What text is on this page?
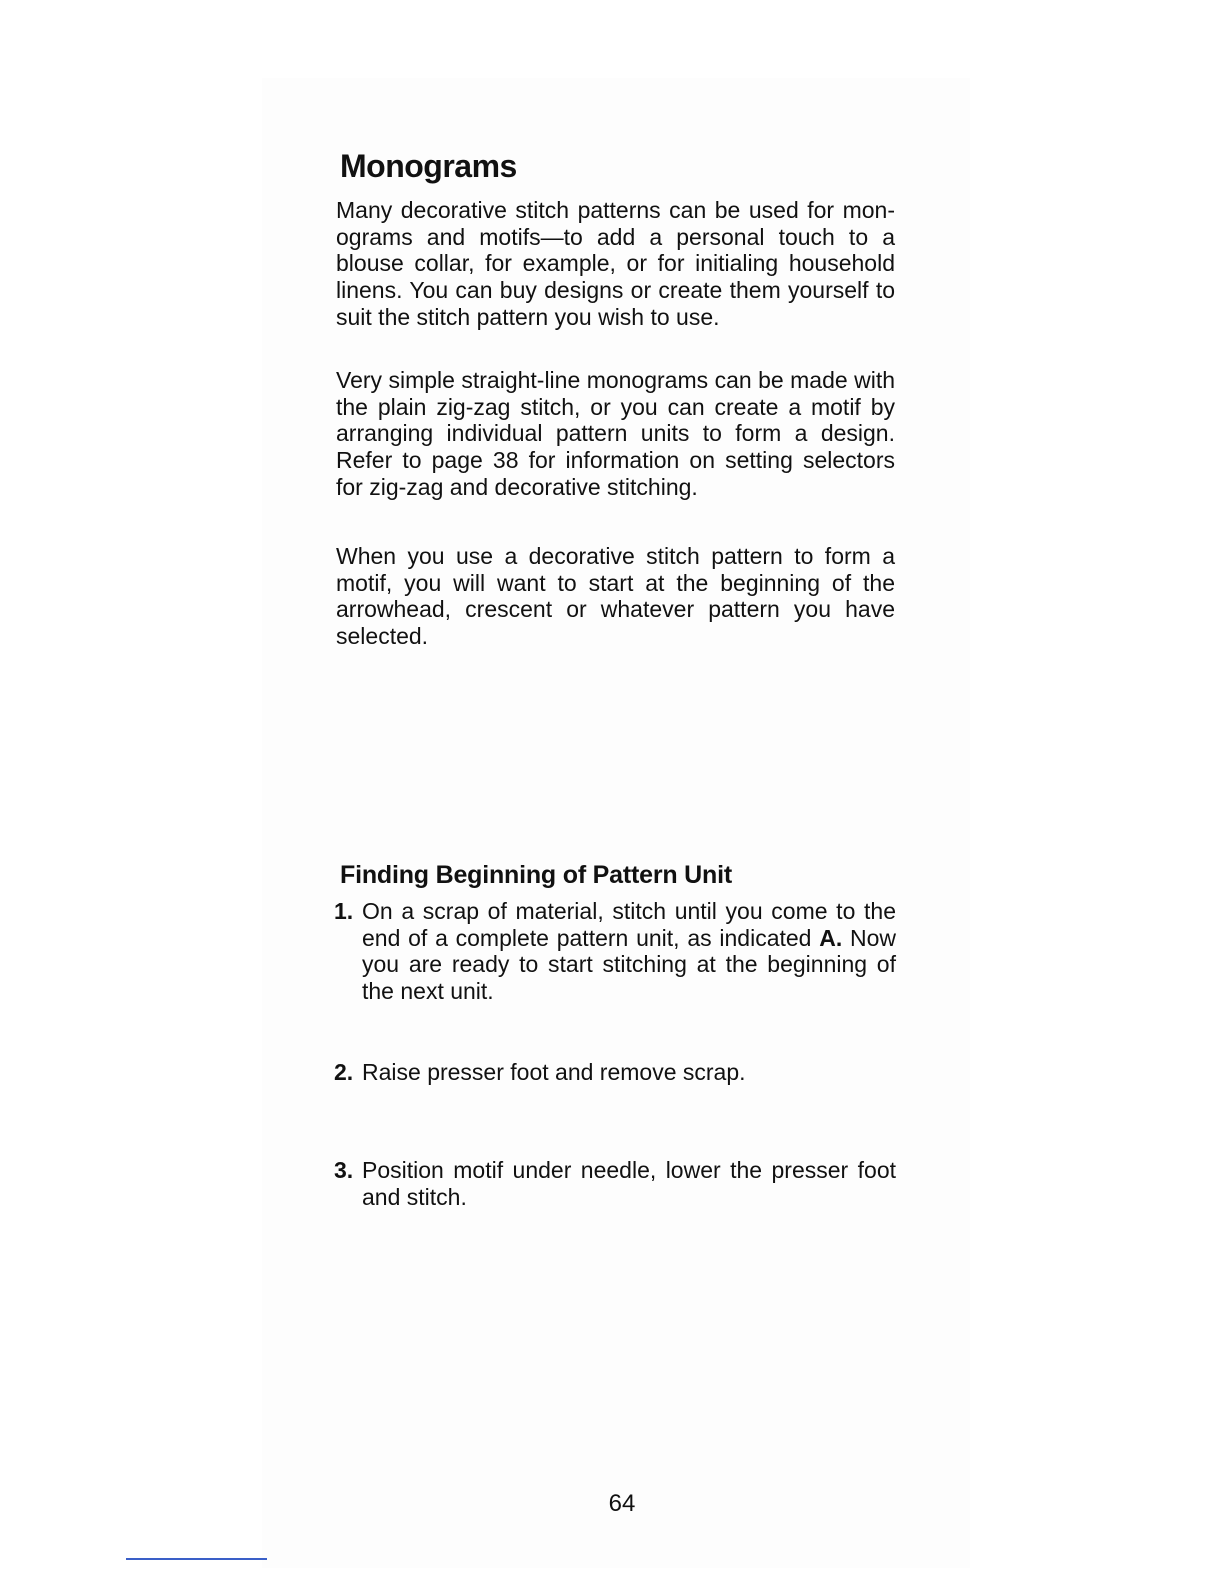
Monograms

Many decorative stitch patterns can be used for monograms and motifs—to add a personal touch to a blouse collar, for example, or for initialing household linens. You can buy designs or create them yourself to suit the stitch pattern you wish to use.

Very simple straight-line monograms can be made with the plain zig-zag stitch, or you can create a motif by arranging individual pattern units to form a design. Refer to page 38 for information on setting selectors for zig-zag and decorative stitching.

When you use a decorative stitch pattern to form a motif, you will want to start at the beginning of the arrowhead, crescent or whatever pattern you have selected.

Finding Beginning of Pattern Unit
1. On a scrap of material, stitch until you come to the end of a complete pattern unit, as indicated A. Now you are ready to start stitching at the beginning of the next unit.
2. Raise presser foot and remove scrap.
3. Position motif under needle, lower the presser foot and stitch.
64
